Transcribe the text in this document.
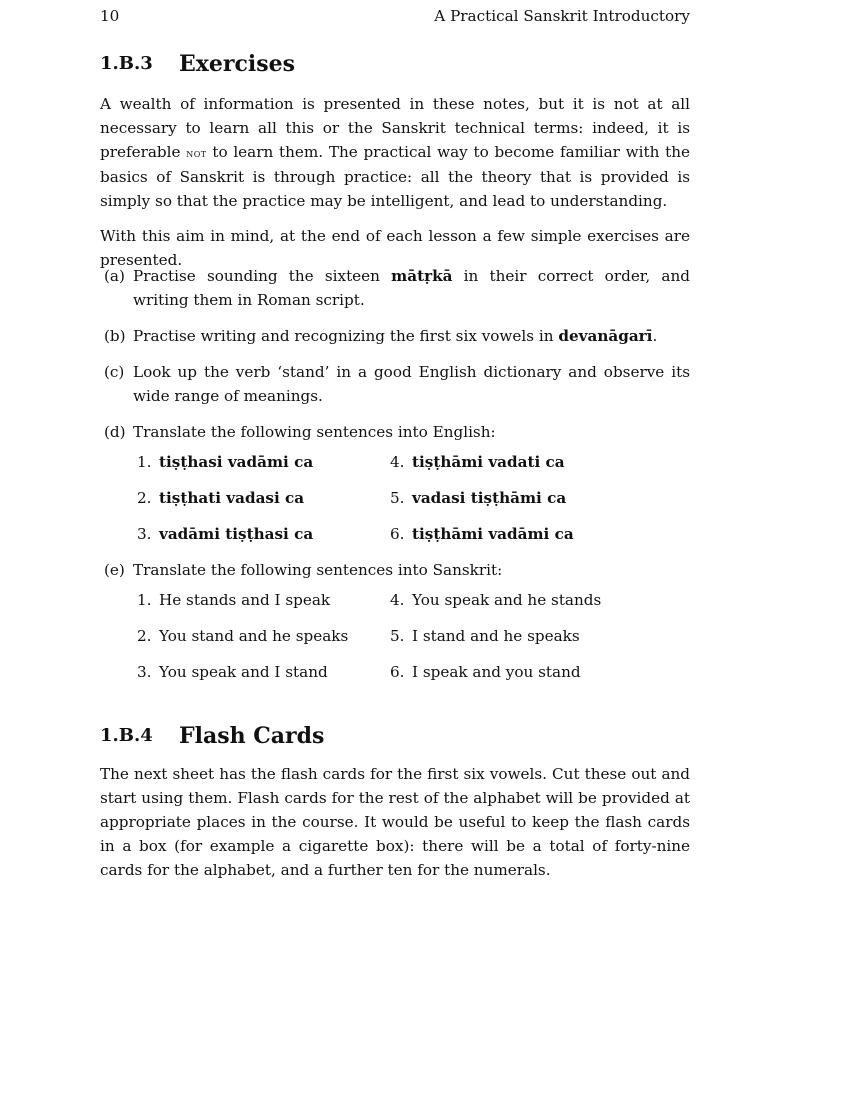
10	A Practical Sanskrit Introductory
1.B.3 Exercises

A wealth of information is presented in these notes, but it is not at all necessary to learn all this or the Sanskrit technical terms: indeed, it is preferable not to learn them. The practical way to become familiar with the basics of Sanskrit is through practice: all the theory that is provided is simply so that the practice may be intelligent, and lead to understanding.

With this aim in mind, at the end of each lesson a few simple exercises are presented.

(a) Practise sounding the sixteen mātṛkā in their correct order, and writing them in Roman script.
(b) Practise writing and recognizing the first six vowels in devanāgarī.
(c) Look up the verb ‘stand’ in a good English dictionary and observe its wide range of meanings.
(d) Translate the following sentences into English:
1. tiṣṭhasi vadāmi ca
2. tiṣṭhati vadasi ca
3. vadāmi tiṣṭhasi ca
4. tiṣṭhāmi vadati ca
5. vadasi tiṣṭhāmi ca
6. tiṣṭhāmi vadāmi ca
(e) Translate the following sentences into Sanskrit:
1. He stands and I speak
2. You stand and he speaks
3. You speak and I stand
4. You speak and he stands
5. I stand and he speaks
6. I speak and you stand
1.B.4 Flash Cards

The next sheet has the flash cards for the first six vowels. Cut these out and start using them. Flash cards for the rest of the alphabet will be provided at appropriate places in the course. It would be useful to keep the flash cards in a box (for example a cigarette box): there will be a total of forty-nine cards for the alphabet, and a further ten for the numerals.
